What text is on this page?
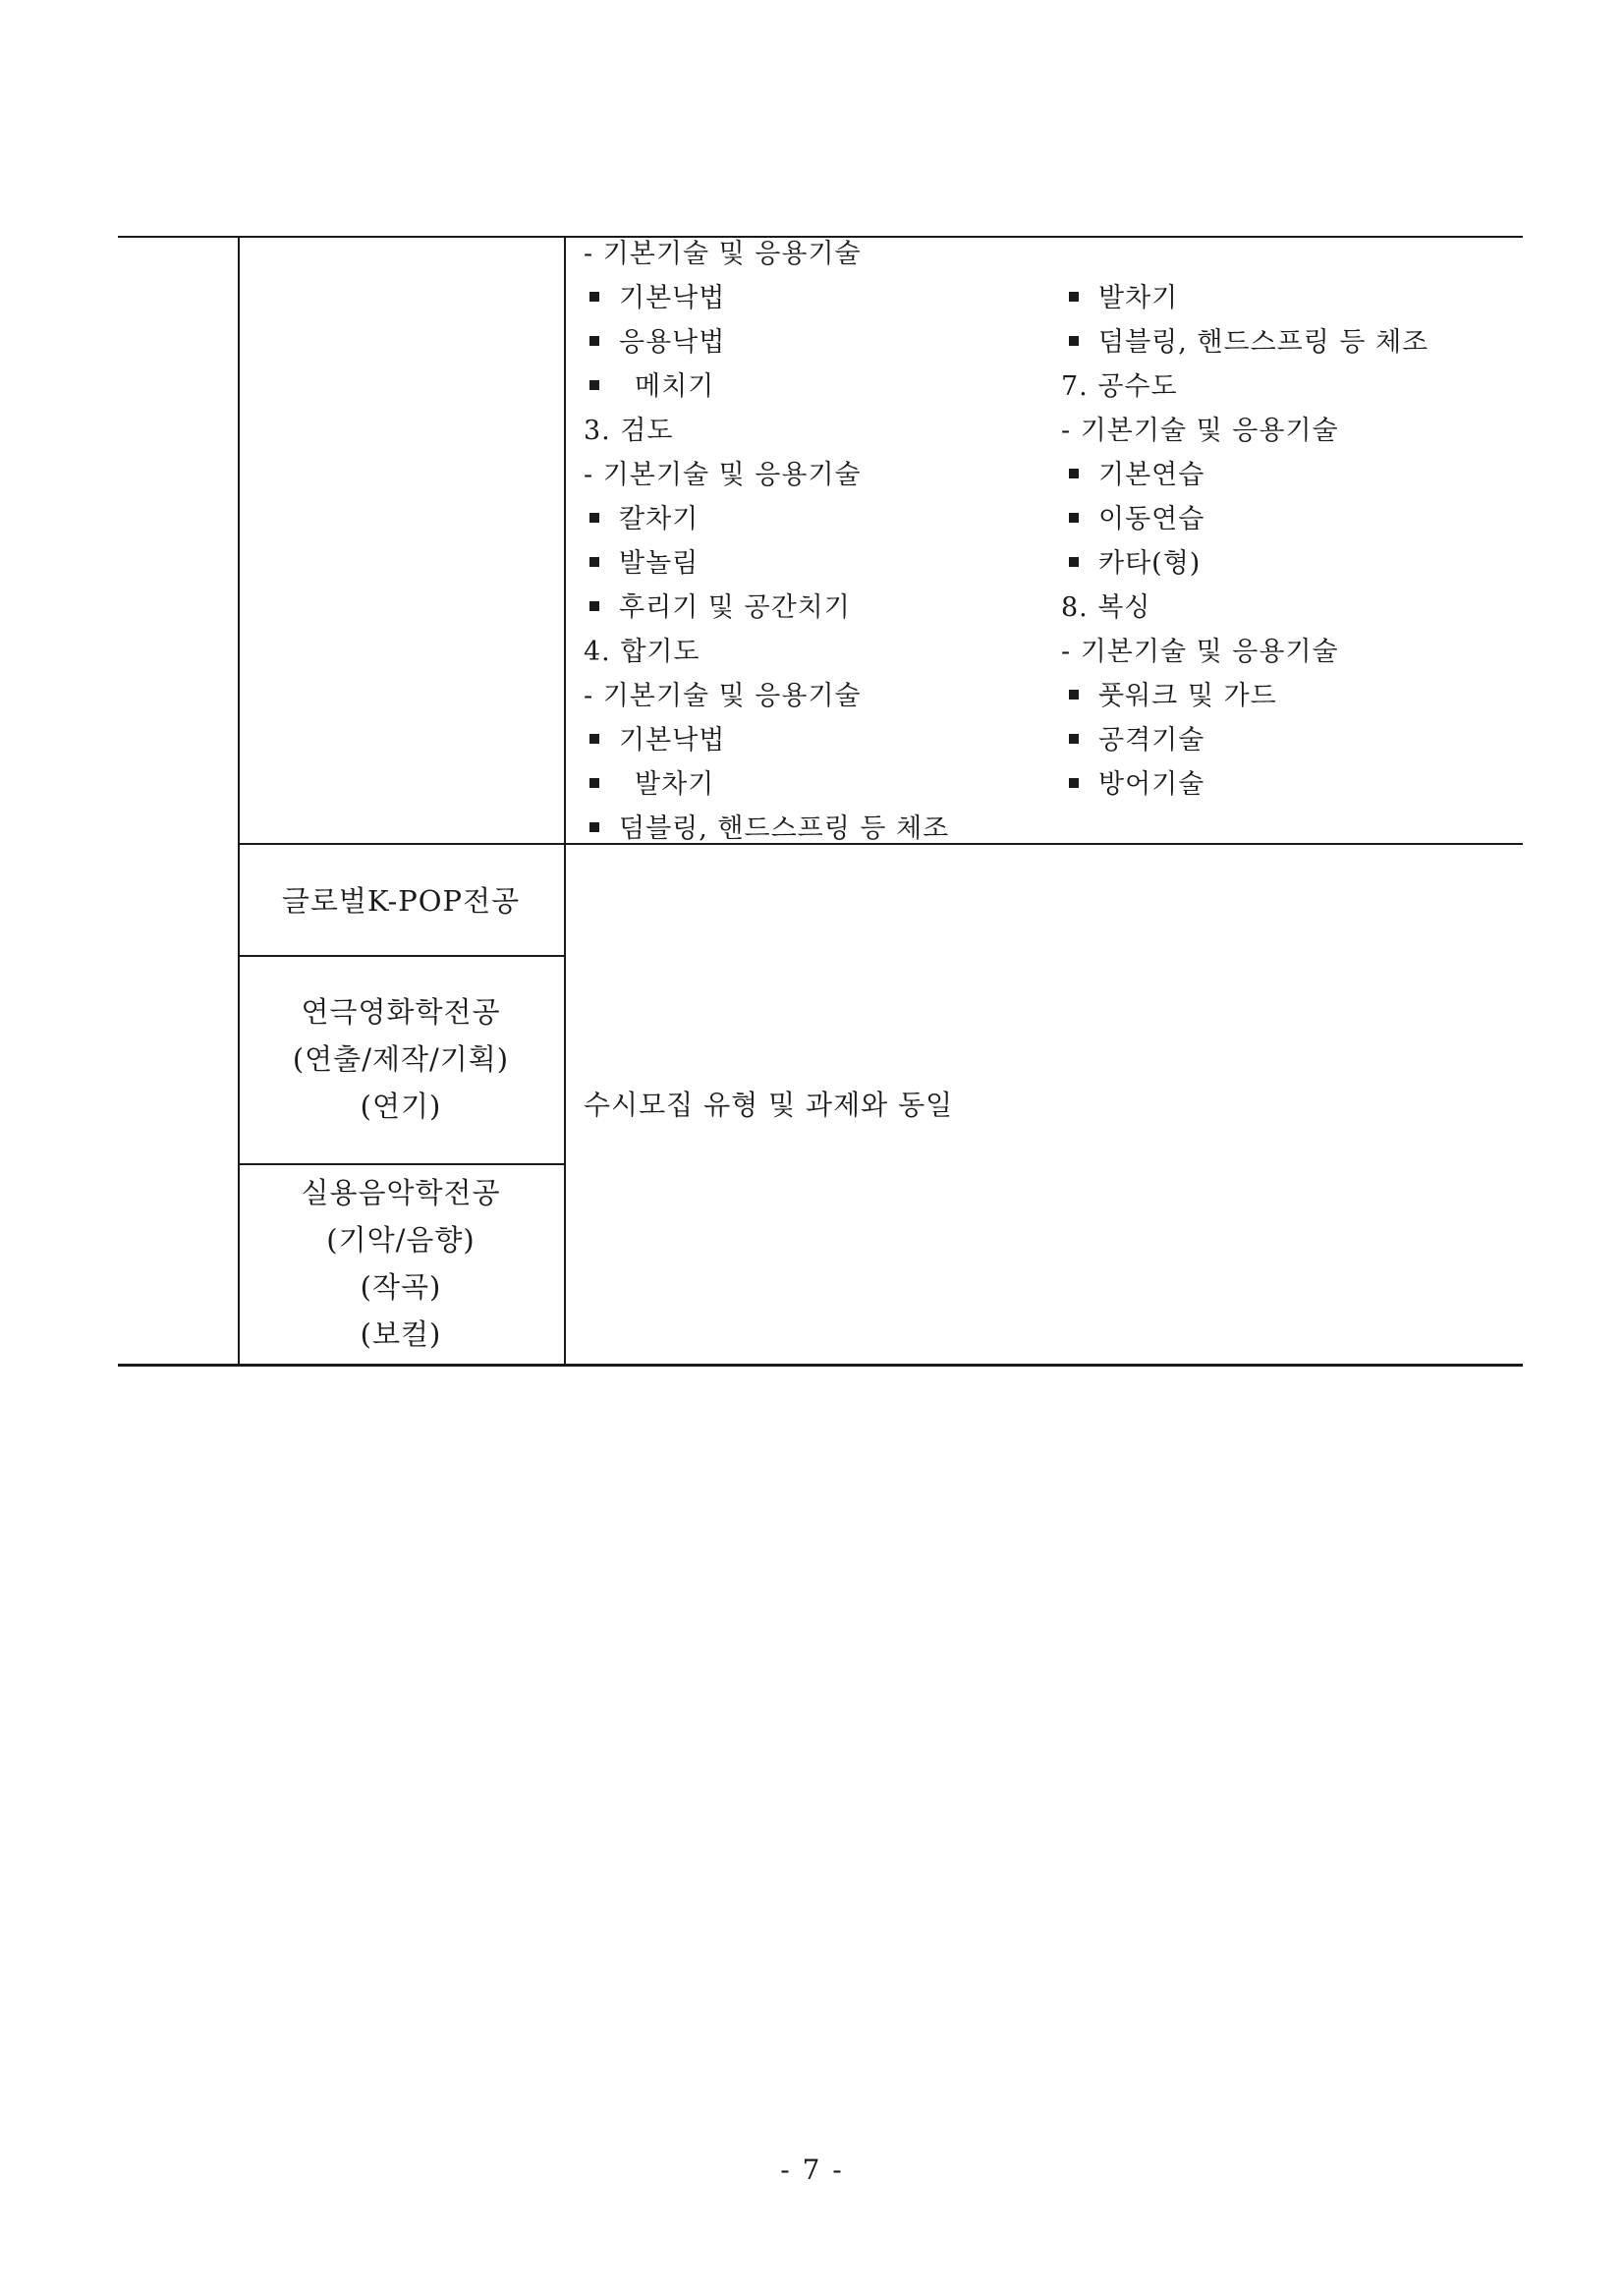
- 기본기술 및 응용기술
기본낙법
응용낙법
메치기
3. 검도
- 기본기술 및 응용기술
칼차기
발놀림
후리기 및 공간치기
4. 합기도
- 기본기술 및 응용기술
기본낙법
발차기
덤블링, 핸드스프링 등 체조
발차기
덤블링, 핸드스프링 등 체조
7. 공수도
- 기본기술 및 응용기술
기본연습
이동연습
카타(형)
8. 복싱
- 기본기술 및 응용기술
풋워크 및 가드
공격기술
방어기술
글로벌K-POP전공
연극영화학전공
(연출/제작/기획)
(연기)
실용음악학전공
(기악/음향)
(작곡)
(보컬)
수시모집 유형 및 과제와 동일
- 7 -
